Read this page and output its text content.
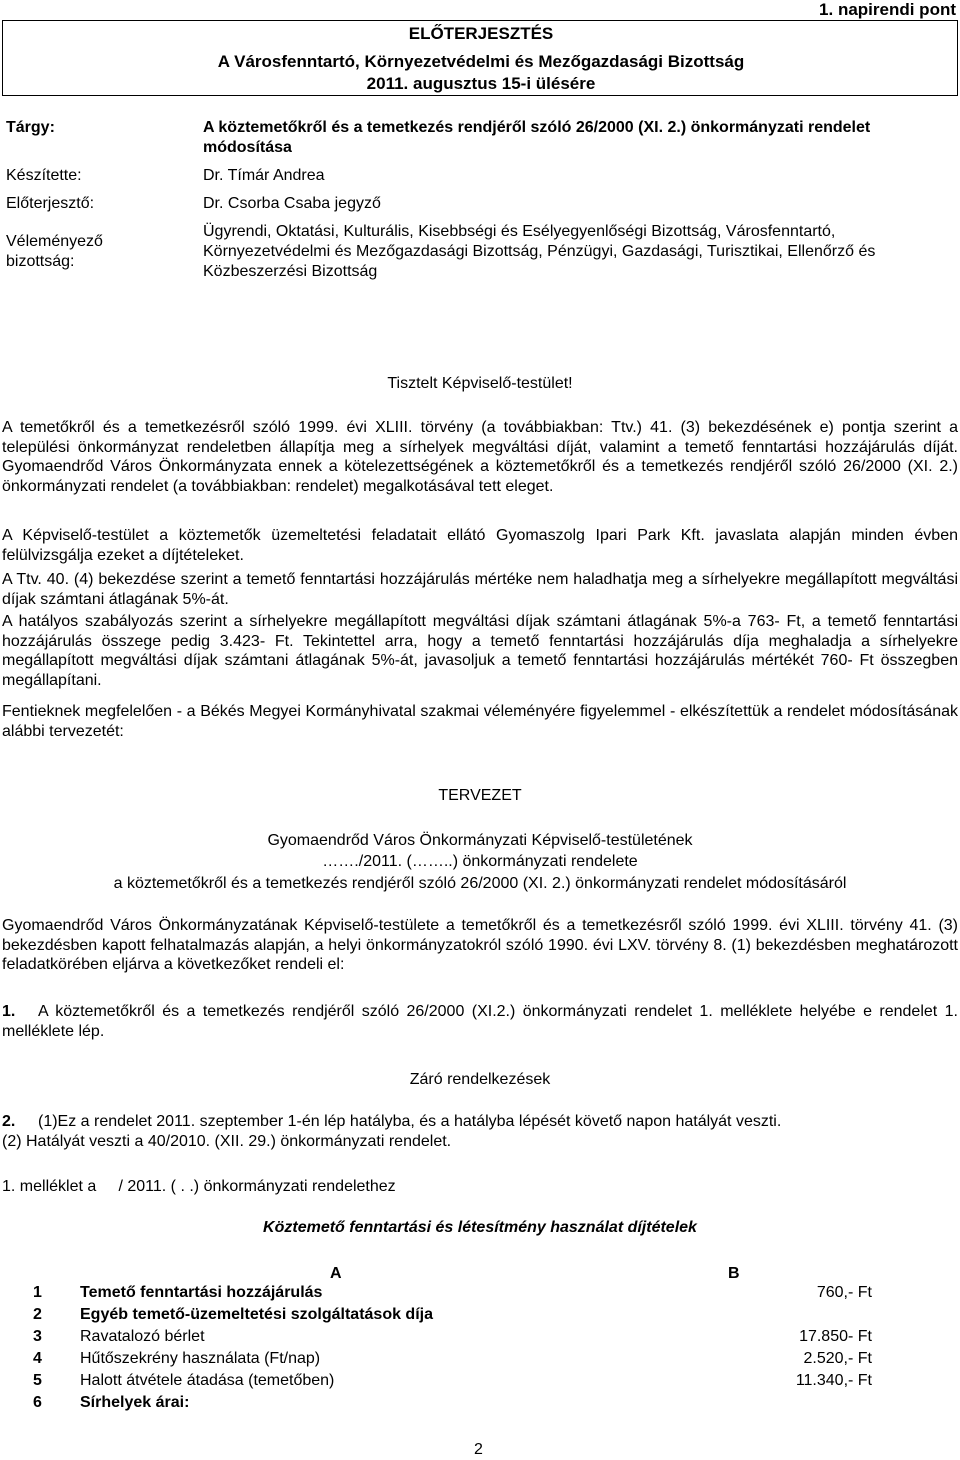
1. napirendi pont
ELŐTERJESZTÉS
A Városfenntartó, Környezetvédelmi és Mezőgazdasági Bizottság
2011. augusztus 15-i ülésére
Tárgy:	A köztemetőkről és a temetkezés rendjéről szóló 26/2000 (XI. 2.) önkormányzati rendelet módosítása
Készítette:	Dr. Tímár Andrea
Előterjesztő:	Dr. Csorba Csaba jegyző
Véleményező bizottság:
Ügyrendi, Oktatási, Kulturális, Kisebbségi és Esélyegyenlőségi Bizottság, Városfenntartó, Környezetvédelmi és Mezőgazdasági Bizottság, Pénzügyi, Gazdasági, Turisztikai, Ellenőrző és Közbeszerzési Bizottság
Tisztelt Képviselő-testület!
A temetőkről és a temetkezésről szóló 1999. évi XLIII. törvény (a továbbiakban: Ttv.) 41. (3) bekezdésének e) pontja szerint a települési önkormányzat rendeletben állapítja meg a sírhelyek megváltási díját, valamint a temető fenntartási hozzájárulás díját. Gyomaendrőd Város Önkormányzata ennek a kötelezettségének a köztemetőkről és a temetkezés rendjéről szóló 26/2000 (XI. 2.) önkormányzati rendelet (a továbbiakban: rendelet) megalkotásával tett eleget.
A Képviselő-testület a köztemetők üzemeltetési feladatait ellátó Gyomaszolg Ipari Park Kft. javaslata alapján minden évben felülvizsgálja ezeket a díjtételeket.
A Ttv. 40. (4) bekezdése szerint a temető fenntartási hozzájárulás mértéke nem haladhatja meg a sírhelyekre megállapított megváltási díjak számtani átlagának 5%-át.
A hatályos szabályozás szerint a sírhelyekre megállapított megváltási díjak számtani átlagának 5%-a 763- Ft, a temető fenntartási hozzájárulás összege pedig 3.423- Ft. Tekintettel arra, hogy a temető fenntartási hozzájárulás díja meghaladja a sírhelyekre megállapított megváltási díjak számtani átlagának 5%-át, javasoljuk a temető fenntartási hozzájárulás mértékét 760- Ft összegben megállapítani.
Fentieknek megfelelően - a Békés Megyei Kormányhivatal szakmai véleményére figyelemmel - elkészítettük a rendelet módosításának alábbi tervezetét:
TERVEZET
Gyomaendrőd Város Önkormányzati Képviselő-testületének
……./2011. (……..) önkormányzati rendelete
a köztemetőkről és a temetkezés rendjéről szóló 26/2000 (XI. 2.) önkormányzati rendelet módosításáról
Gyomaendrőd Város Önkormányzatának Képviselő-testülete a temetőkről és a temetkezésről szóló 1999. évi XLIII. törvény 41. (3) bekezdésben kapott felhatalmazás alapján, a helyi önkormányzatokról szóló 1990. évi LXV. törvény 8. (1) bekezdésben meghatározott feladatkörében eljárva a következőket rendeli el:
1.	A köztemetőkről és a temetkezés rendjéről szóló 26/2000 (XI.2.) önkormányzati rendelet 1. melléklete helyébe e rendelet 1. melléklete lép.
Záró rendelkezések
2.	(1)Ez a rendelet 2011. szeptember 1-én lép hatályba, és a hatályba lépését követő napon hatályát veszti.
(2) Hatályát veszti a 40/2010. (XII. 29.) önkormányzati rendelet.
1. melléklet a     / 2011. ( . .) önkormányzati rendelethez
Köztemető fenntartási és létesítmény használat díjtételek
A	B
1 Temető fenntartási hozzájárulás	760,- Ft
2 Egyéb temető-üzemeltetési szolgáltatások díja
3 Ravatalozó bérlet	17.850- Ft
4 Hűtőszekrény használata (Ft/nap)	2.520,- Ft
5 Halott átvétele átadása (temetőben)	11.340,- Ft
6 Sírhelyek árai:
2
